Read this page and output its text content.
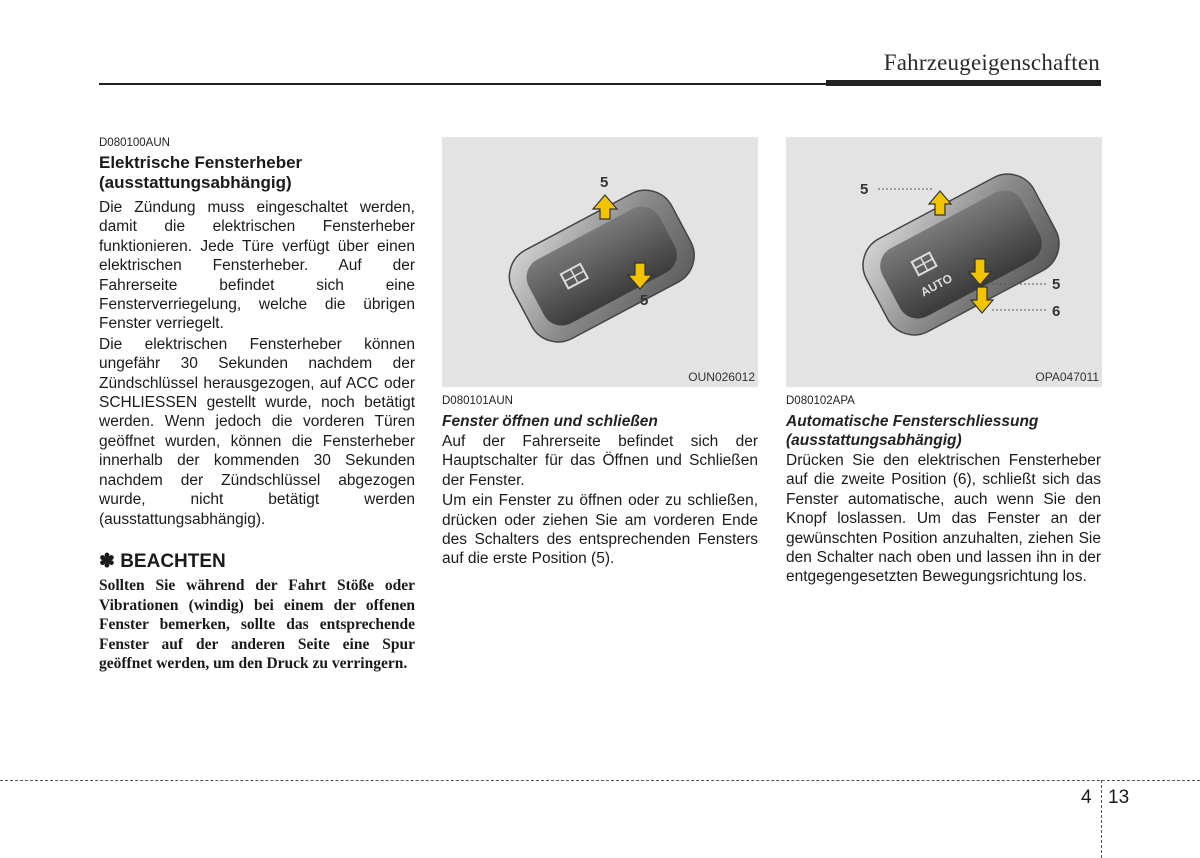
Fahrzeugeigenschaften

D080100AUN

Elektrische Fensterheber
(ausstattungsabhängig)

Die Zündung muss eingeschaltet werden, damit die elektrischen Fensterheber funktionieren. Jede Türe verfügt über einen elektrischen Fensterheber. Auf der Fahrerseite befindet sich eine Fensterverriegelung, welche die übrigen Fenster verriegelt.

Die elektrischen Fensterheber können ungefähr 30 Sekunden nachdem der Zündschlüssel herausgezogen, auf ACC oder SCHLIESSEN gestellt wurde, noch betätigt werden. Wenn jedoch die vorderen Türen geöffnet wurden, können die Fensterheber innerhalb der kommenden 30 Sekunden nachdem der Zündschlüssel abgezogen wurde, nicht betätigt werden (ausstattungsabhängig).

✽ BEACHTEN

Sollten Sie während der Fahrt Stöße oder Vibrationen (windig) bei einem der offenen Fenster bemerken, sollte das entsprechende Fenster auf der anderen Seite eine Spur geöffnet werden, um den Druck zu verringern.

5
5
OUN026012

D080101AUN

Fenster öffnen und schließen

Auf der Fahrerseite befindet sich der Hauptschalter für das Öffnen und Schließen der Fenster.

Um ein Fenster zu öffnen oder zu schließen, drücken oder ziehen Sie am vorderen Ende des Schalters des entsprechenden Fensters auf die erste Position (5).

AUTO
5
5
6
OPA047011

D080102APA

Automatische Fensterschliessung
(ausstattungsabhängig)

Drücken Sie den elektrischen Fensterheber auf die zweite Position (6), schließt sich das Fenster automatische, auch wenn Sie den Knopf loslassen. Um das Fenster an der gewünschten Position anzuhalten, ziehen Sie den Schalter nach oben und lassen ihn in der entgegengesetzten Bewegungsrichtung los.

4 13
